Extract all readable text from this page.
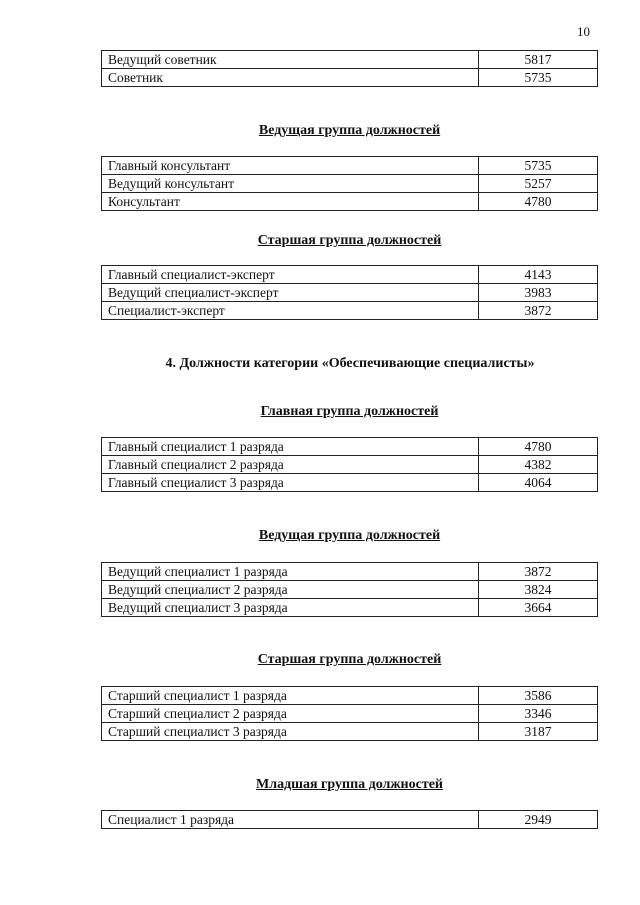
10
Ведущий советник	5817
Советник	5735
Ведущая группа должностей
Главный консультант	5735
Ведущий консультант	5257
Консультант	4780
Старшая группа должностей
Главный специалист-эксперт	4143
Ведущий специалист-эксперт	3983
Специалист-эксперт	3872
4. Должности категории «Обеспечивающие специалисты»
Главная группа должностей
Главный специалист 1 разряда	4780
Главный специалист 2 разряда	4382
Главный специалист 3 разряда	4064
Ведущая группа должностей
Ведущий специалист 1 разряда	3872
Ведущий специалист 2 разряда	3824
Ведущий специалист 3 разряда	3664
Старшая группа должностей
Старший специалист 1 разряда	3586
Старший специалист 2 разряда	3346
Старший специалист 3 разряда	3187
Младшая группа должностей
Специалист 1 разряда	2949
